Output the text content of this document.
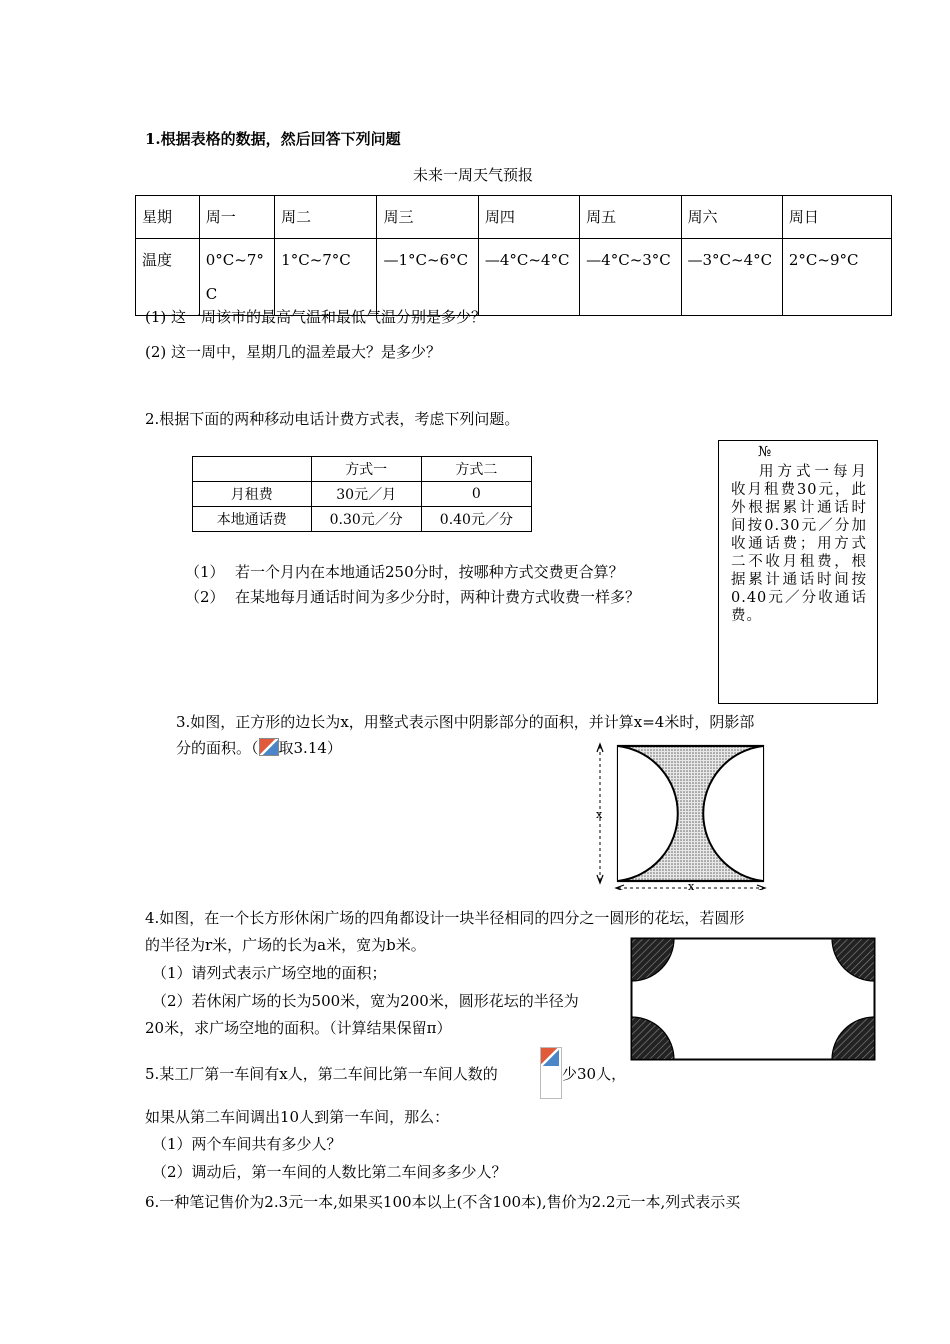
1.根据表格的数据，然后回答下列问题
未来一周天气预报
星期	周一	周二	周三	周四	周五	周六	周日
温度	0°C~7°C	1°C~7°C	—1°C~6°C	—4°C~4°C	—4°C~3°C	—3°C~4°C	2°C~9°C
(1) 这一周该市的最高气温和最低气温分别是多少？
(2) 这一周中，星期几的温差最大？是多少？
2.根据下面的两种移动电话计费方式表，考虑下列问题。
	方式一	方式二
月租费	30元／月	0
本地通话费	0.30元／分	0.40元／分
（1） 若一个月内在本地通话250分时，按哪种方式交费更合算？
（2） 在某地每月通话时间为多少分时，两种计费方式收费一样多？
№
用方式一每月收月租费30元，此外根据累计通话时间按0.30元／分加收通话费；用方式二不收月租费，根据累计通话时间按0.40元／分收通话费。
3.如图，正方形的边长为x，用整式表示图中阴影部分的面积，并计算x=4米时，阴影部
分的面积。（ 取3.14）
x
x
4.如图，在一个长方形休闲广场的四角都设计一块半径相同的四分之一圆形的花坛，若圆形
的半径为r米，广场的长为a米，宽为b米。
（1）请列式表示广场空地的面积；
（2）若休闲广场的长为500米，宽为200米，圆形花坛的半径为
20米，求广场空地的面积。（计算结果保留π）
5.某工厂第一车间有x人，第二车间比第一车间人数的	少30人，
如果从第二车间调出10人到第一车间，那么：
（1）两个车间共有多少人？
（2）调动后，第一车间的人数比第二车间多多少人？
6.一种笔记售价为2.3元一本,如果买100本以上(不含100本),售价为2.2元一本,列式表示买
